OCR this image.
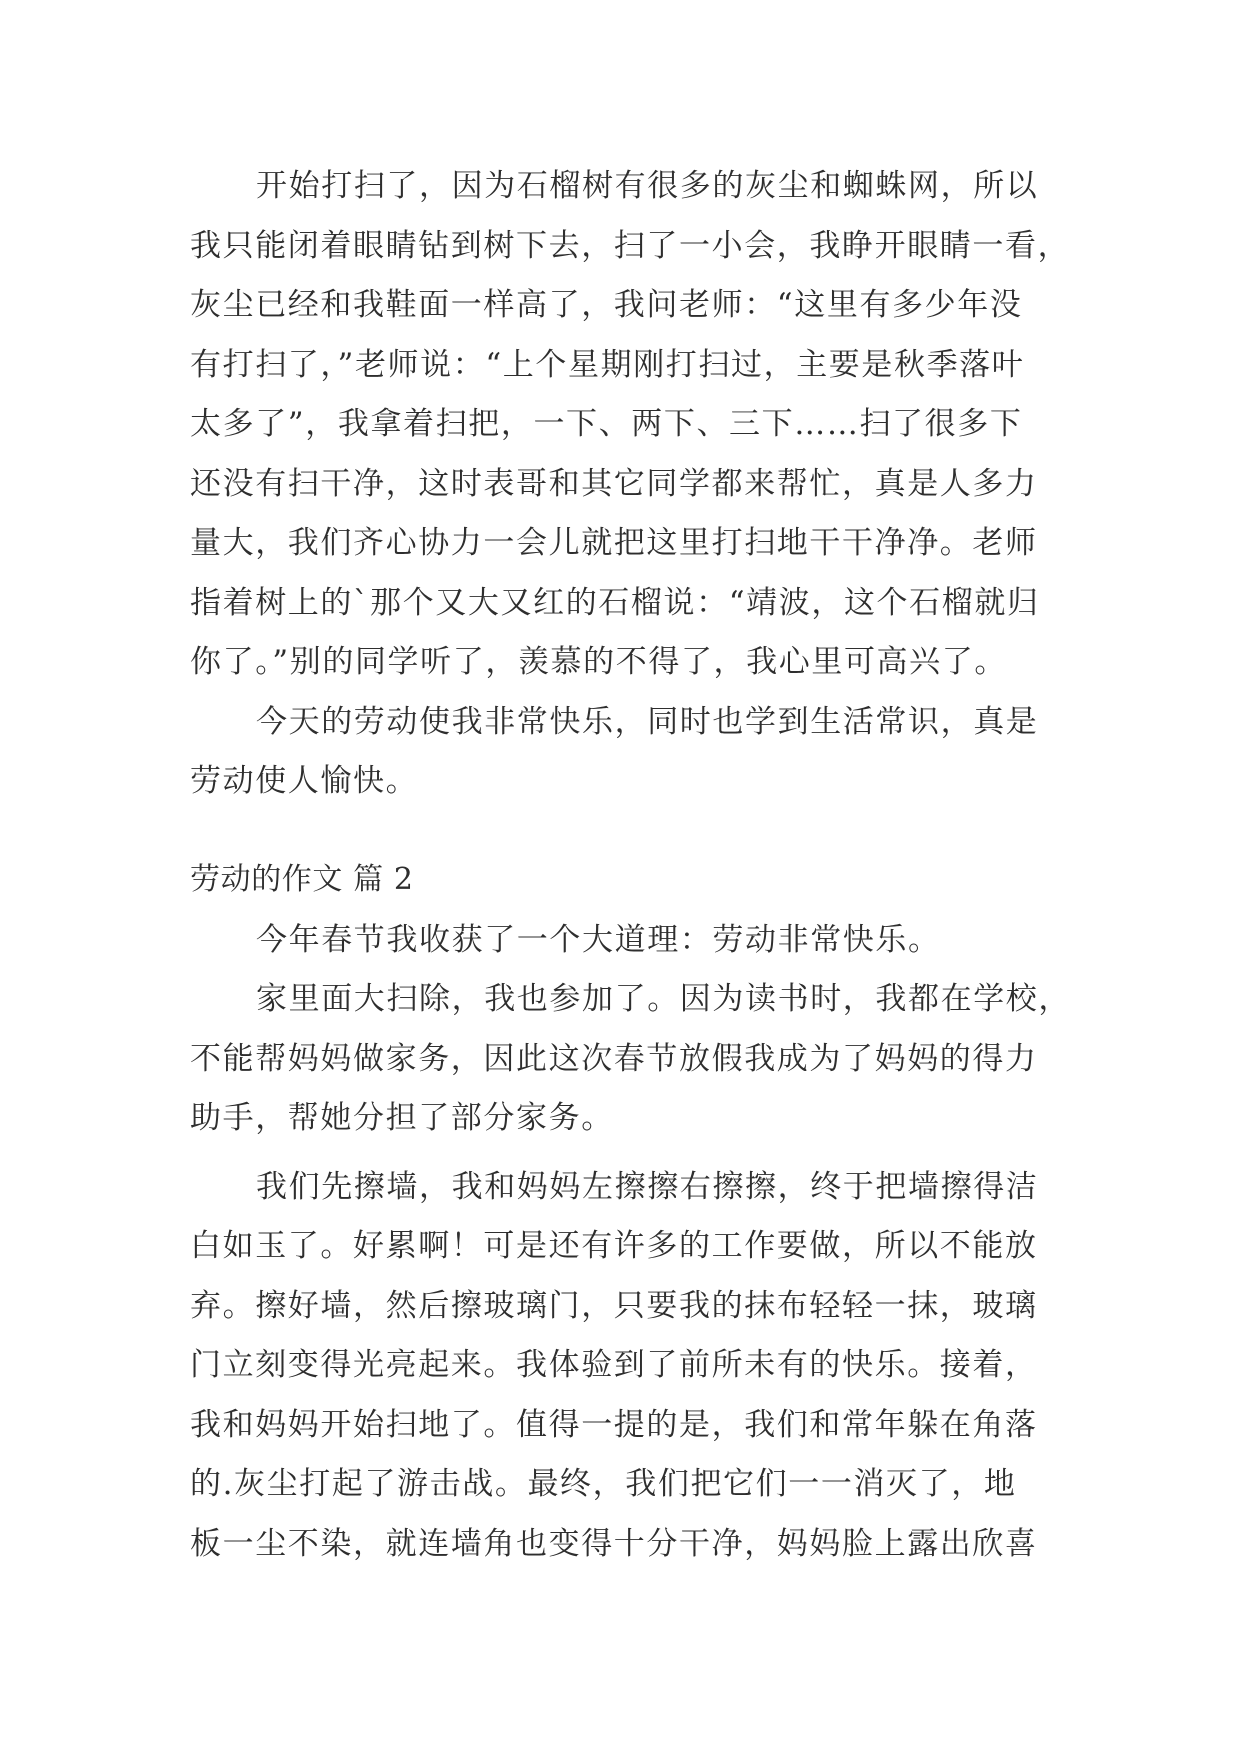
开始打扫了，因为石榴树有很多的灰尘和蜘蛛网，所以

我只能闭着眼睛钻到树下去，扫了一小会，我睁开眼睛一看，

灰尘已经和我鞋面一样高了，我问老师：“这里有多少年没

有打扫了，”老师说：“上个星期刚打扫过，主要是秋季落叶

太多了”，我拿着扫把，一下、两下、三下……扫了很多下

还没有扫干净，这时表哥和其它同学都来帮忙，真是人多力

量大，我们齐心协力一会儿就把这里打扫地干干净净。老师

指着树上的`那个又大又红的石榴说：“靖波，这个石榴就归

你了。”别的同学听了，羡慕的不得了，我心里可高兴了。

今天的劳动使我非常快乐，同时也学到生活常识，真是

劳动使人愉快。

劳动的作文 篇 2

今年春节我收获了一个大道理：劳动非常快乐。

家里面大扫除，我也参加了。因为读书时，我都在学校，

不能帮妈妈做家务，因此这次春节放假我成为了妈妈的得力

助手，帮她分担了部分家务。

我们先擦墙，我和妈妈左擦擦右擦擦，终于把墙擦得洁

白如玉了。好累啊！可是还有许多的工作要做，所以不能放

弃。擦好墙，然后擦玻璃门，只要我的抹布轻轻一抹，玻璃

门立刻变得光亮起来。我体验到了前所未有的快乐。接着，

我和妈妈开始扫地了。值得一提的是，我们和常年躲在角落

的.灰尘打起了游击战。最终，我们把它们一一消灭了，地

板一尘不染，就连墙角也变得十分干净，妈妈脸上露出欣喜
